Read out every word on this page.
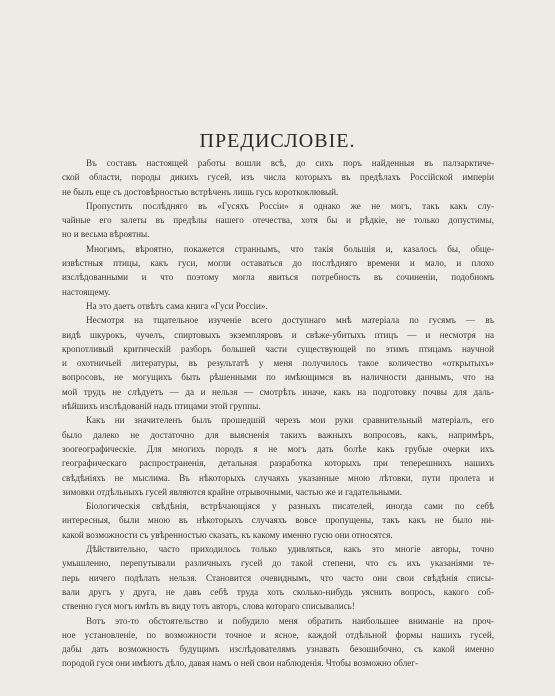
ПРЕДИСЛОВІЕ.
Въ составъ настоящей работы вошли всѣ, до сихъ поръ найденныя въ палэарктиче-
ской области, породы дикихъ гусей, изъ числа которыхъ въ предѣлахъ Россійской имперіи
не былъ еще съ достовѣрностью встрѣченъ лишь гусь короткоклювый.
Пропустить послѣдняго въ «Гусяхъ Россіи» я однако же не могъ, такъ какъ слу-
чайные его залеты въ предѣлы нашего отечества, хотя бы и рѣдкіе, не только допустимы,
но и весьма вѣроятны.
Многимъ, вѣроятно, покажется страннымъ, что такія большія и, казалось бы, обще-
извѣстныя птицы, какъ гуси, могли оставаться до послѣдняго времени и мало, и плохо
изслѣдованными и что поэтому могла явиться потребность въ сочиненіи, подобномъ
настоящему.
На это даетъ отвѣтъ сама книга «Гуси Россіи».
Несмотря на тщательное изученіе всего доступнаго мнѣ матеріала по гусямъ — въ
видѣ шкурокъ, чучелъ, спиртовыхъ экземпляровъ и свѣже-убитыхъ птицъ — и несмотря на
кропотливый критическій разборъ большей части существующей по этимъ птицамъ научной
и охотничьей литературы, въ результатѣ у меня получилось такое количество «открытыхъ»
вопросовъ, не могущихъ быть рѣшенными по имѣющимся въ наличности даннымъ, что на
мой трудъ не слѣдуетъ — да и нельзя — смотрѣть иначе, какъ на подготовку почвы для даль-
нѣйшихъ изслѣдованій надъ птицами этой группы.
Какъ ни значителенъ былъ прошедшій черезъ мои руки сравнительный матеріалъ, его
было далеко не достаточно для выясненія такихъ важныхъ вопросовъ, какъ, напримѣръ,
зоогеографическіе. Для многихъ породъ я не могъ дать болѣе какъ грубые очерки ихъ
географическаго распространенія, детальная разработка которыхъ при теперешнихъ нашихъ
свѣдѣніяхъ не мыслима. Въ нѣкоторыхъ случаяхъ указанные мною лѣтовки, пути пролета и
зимовки отдѣльныхъ гусей являются крайне отрывочными, частью же и гадательными.
Біологическія свѣдѣнія, встрѣчающіяся у разныхъ писателей, иногда сами по себѣ
интересныя, были мною въ нѣкоторыхъ случаяхъ вовсе пропущены, такъ какъ не было ни-
какой возможности съ увѣренностью сказать, къ какому именно гусю они относятся.
Дѣйствительно, часто приходилось только удивляться, какъ это многіе авторы, точно
умышленно, перепутывали различныхъ гусей до такой степени, что съ ихъ указаніями те-
перь ничего подѣлать нельзя. Становится очевиднымъ, что часто они свои свѣдѣнія списы-
вали другъ у друга, не давъ себѣ труда хоть сколько-нибудь уяснить вопросъ, какого соб-
ственно гуся могъ имѣть въ виду тотъ авторъ, слова котораго списывались!
Вотъ это-то обстоятельство и побудило меня обратить наибольшее вниманіе на проч-
ное установленіе, по возможности точное и ясное, каждой отдѣльной формы нашихъ гусей,
дабы дать возможность будущимъ изслѣдователямъ узнавать безошибочно, съ какой именно
породой гуся они имѣютъ дѣло, давая намъ о ней свои наблюденія. Чтобы возможно облег-
